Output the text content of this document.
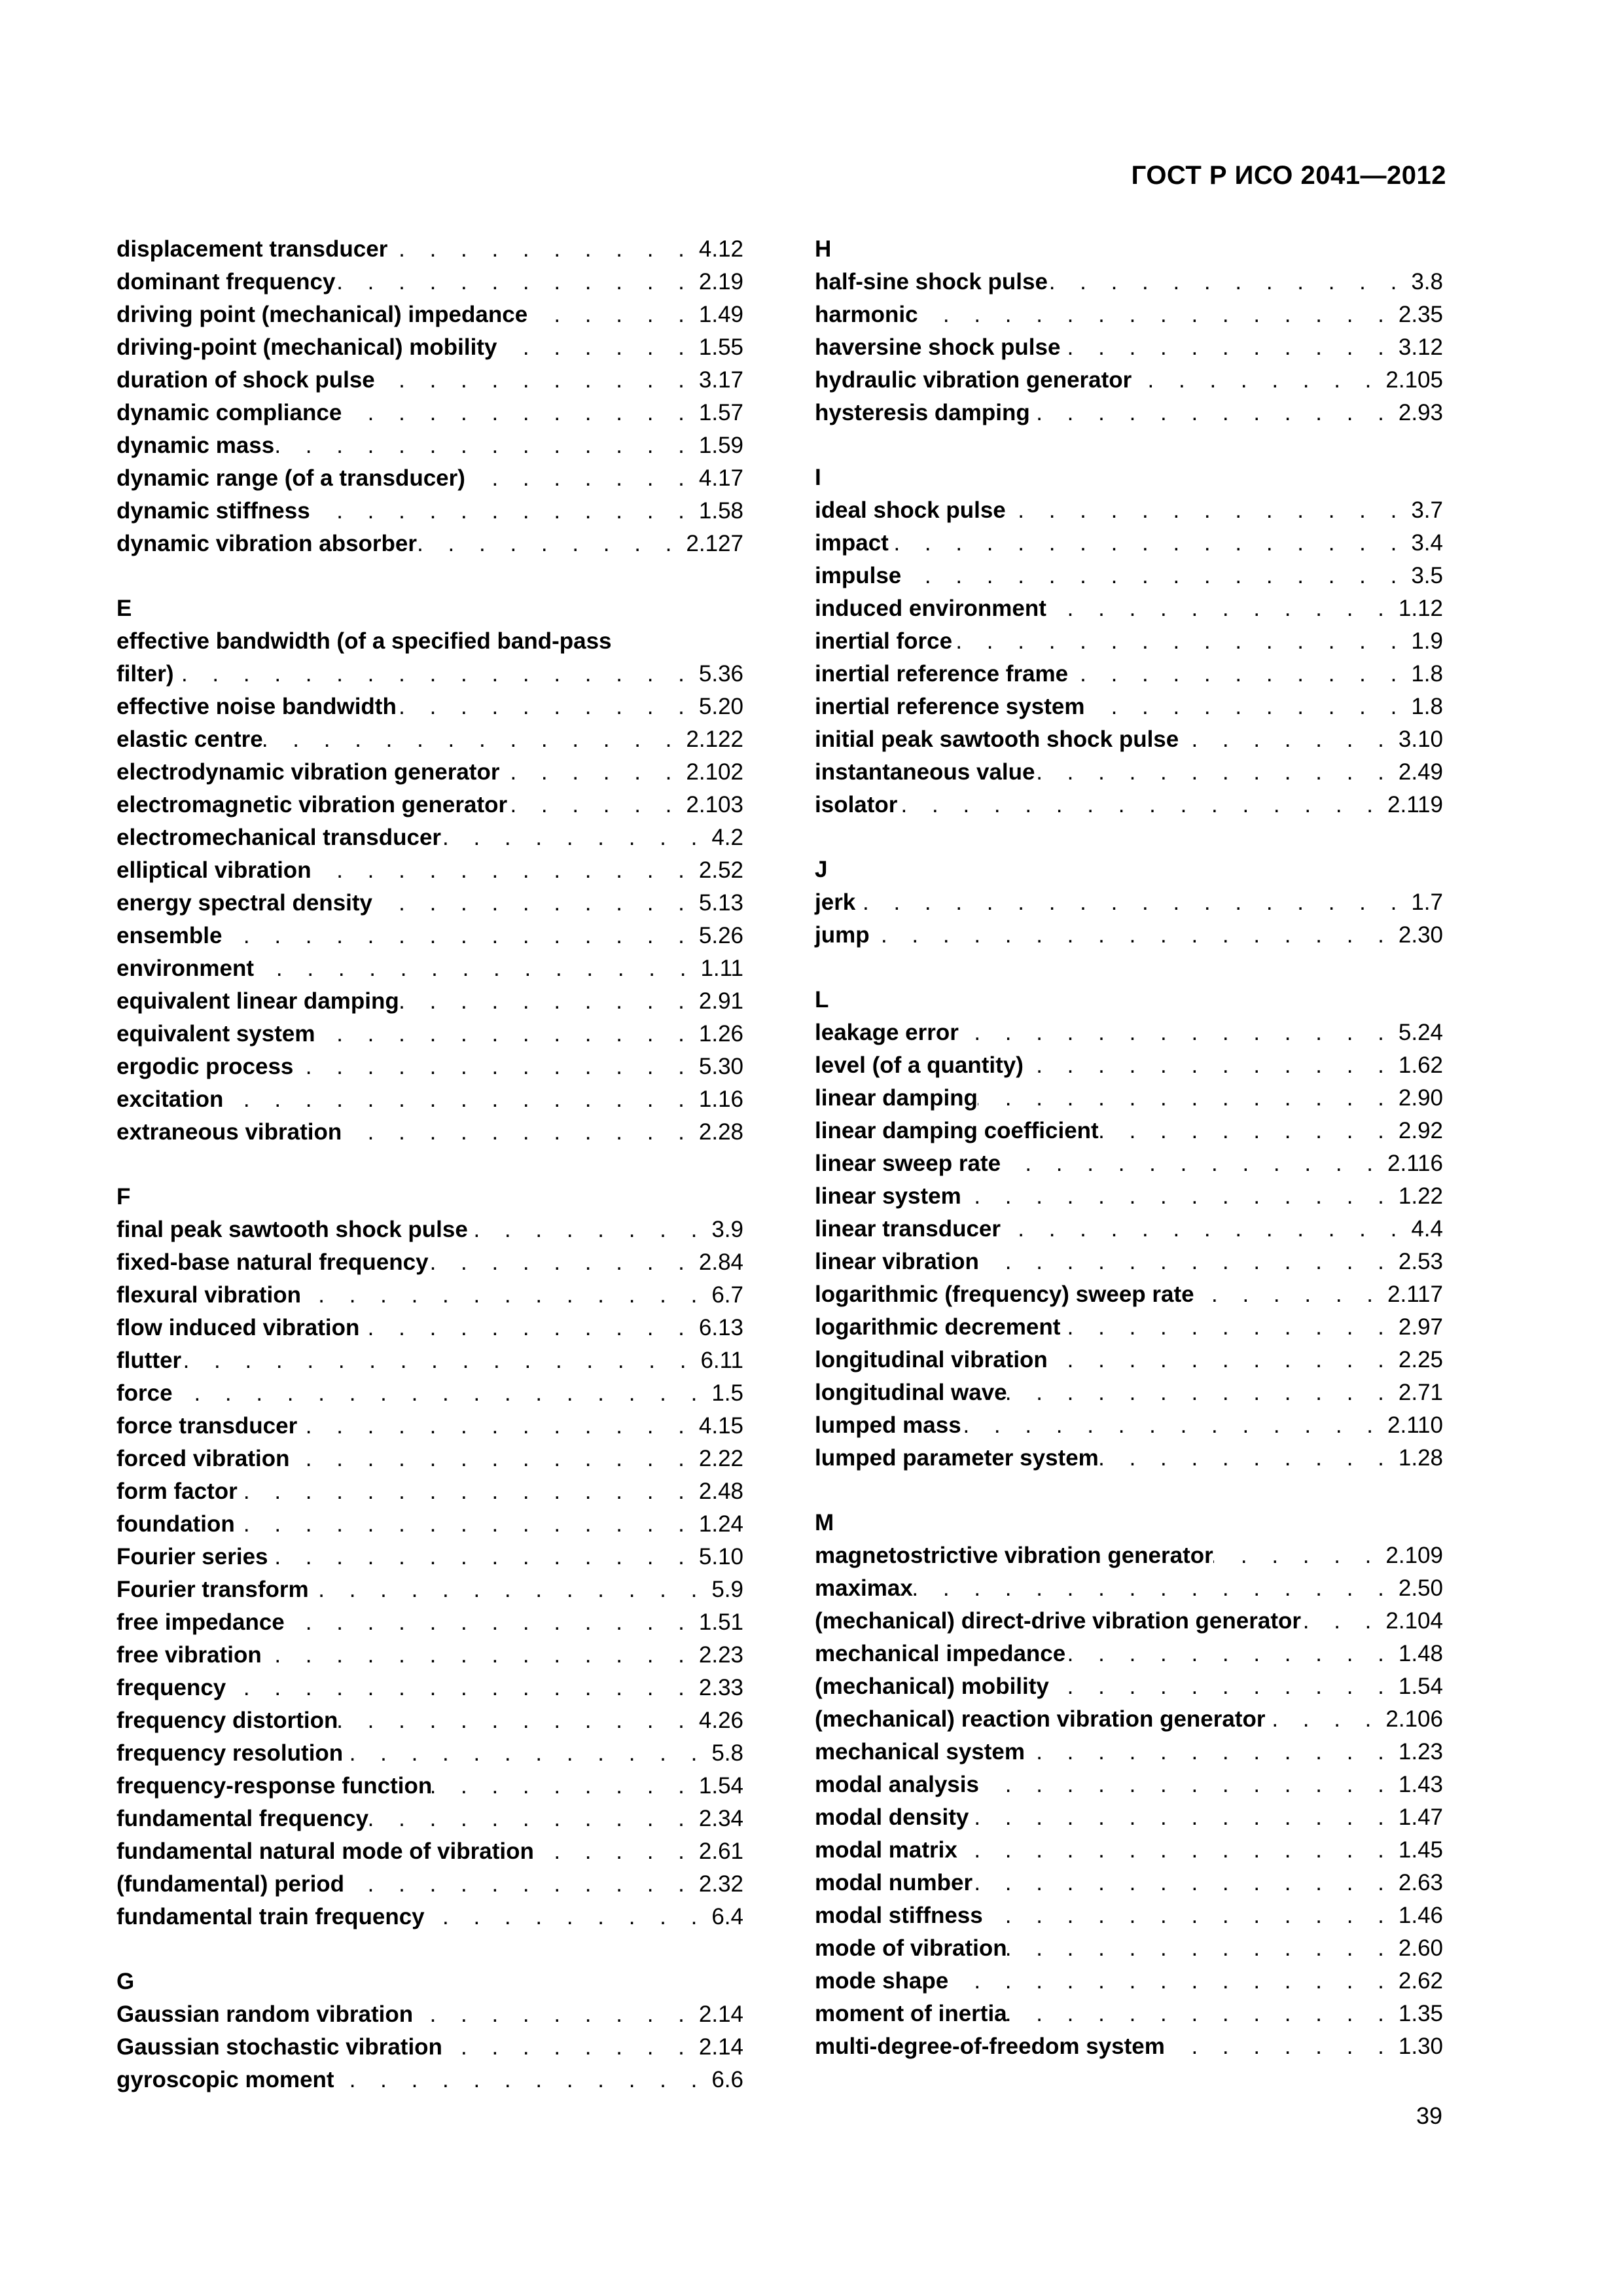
ГОСТ Р ИСО 2041—2012
displacement transducer . . .	4.12
dominant frequency . . .	2.19
driving point (mechanical) impedance . . .	1.49
driving-point (mechanical) mobility . . .	1.55
duration of shock pulse . . .	3.17
dynamic compliance . . .	1.57
dynamic mass . . .	1.59
dynamic range (of a transducer) . . .	4.17
dynamic stiffness . . .	1.58
dynamic vibration absorber . . .	2.127
E
effective bandwidth (of a specified band-pass
filter) . . .	5.36
effective noise bandwidth . . .	5.20
elastic centre . . .	2.122
electrodynamic vibration generator . . .	2.102
electromagnetic vibration generator . . .	2.103
electromechanical transducer . . .	4.2
elliptical vibration . . .	2.52
energy spectral density . . .	5.13
ensemble . . .	5.26
environment . . .	1.11
equivalent linear damping . . .	2.91
equivalent system . . .	1.26
ergodic process . . .	5.30
excitation . . .	1.16
extraneous vibration . . .	2.28
F
final peak sawtooth shock pulse . . .	3.9
fixed-base natural frequency . . .	2.84
flexural vibration . . .	6.7
flow induced vibration . . .	6.13
flutter . . .	6.11
force . . .	1.5
force transducer . . .	4.15
forced vibration . . .	2.22
form factor . . .	2.48
foundation . . .	1.24
Fourier series . . .	5.10
Fourier transform . . .	5.9
free impedance . . .	1.51
free vibration . . .	2.23
frequency . . .	2.33
frequency distortion . . .	4.26
frequency resolution . . .	5.8
frequency-response function . . .	1.54
fundamental frequency . . .	2.34
fundamental natural mode of vibration . . .	2.61
(fundamental) period . . .	2.32
fundamental train frequency . . .	6.4
G
Gaussian random vibration . . .	2.14
Gaussian stochastic vibration . . .	2.14
gyroscopic moment . . .	6.6
H
half-sine shock pulse . . .	3.8
harmonic . . .	2.35
haversine shock pulse . . .	3.12
hydraulic vibration generator . . .	2.105
hysteresis damping . . .	2.93
I
ideal shock pulse . . .	3.7
impact . . .	3.4
impulse . . .	3.5
induced environment . . .	1.12
inertial force . . .	1.9
inertial reference frame . . .	1.8
inertial reference system . . .	1.8
initial peak sawtooth shock pulse . . .	3.10
instantaneous value . . .	2.49
isolator . . .	2.119
J
jerk . . .	1.7
jump . . .	2.30
L
leakage error . . .	5.24
level (of a quantity) . . .	1.62
linear damping . . .	2.90
linear damping coefficient . . .	2.92
linear sweep rate . . .	2.116
linear system . . .	1.22
linear transducer . . .	4.4
linear vibration . . .	2.53
logarithmic (frequency) sweep rate . . .	2.117
logarithmic decrement . . .	2.97
longitudinal vibration . . .	2.25
longitudinal wave . . .	2.71
lumped mass . . .	2.110
lumped parameter system . . .	1.28
M
magnetostrictive vibration generator . . .	2.109
maximax . . .	2.50
(mechanical) direct-drive vibration generator . . .	2.104
mechanical impedance . . .	1.48
(mechanical) mobility . . .	1.54
(mechanical) reaction vibration generator . . .	2.106
mechanical system . . .	1.23
modal analysis . . .	1.43
modal density . . .	1.47
modal matrix . . .	1.45
modal number . . .	2.63
modal stiffness . . .	1.46
mode of vibration . . .	2.60
mode shape . . .	2.62
moment of inertia . . .	1.35
multi-degree-of-freedom system . . .	1.30
39
